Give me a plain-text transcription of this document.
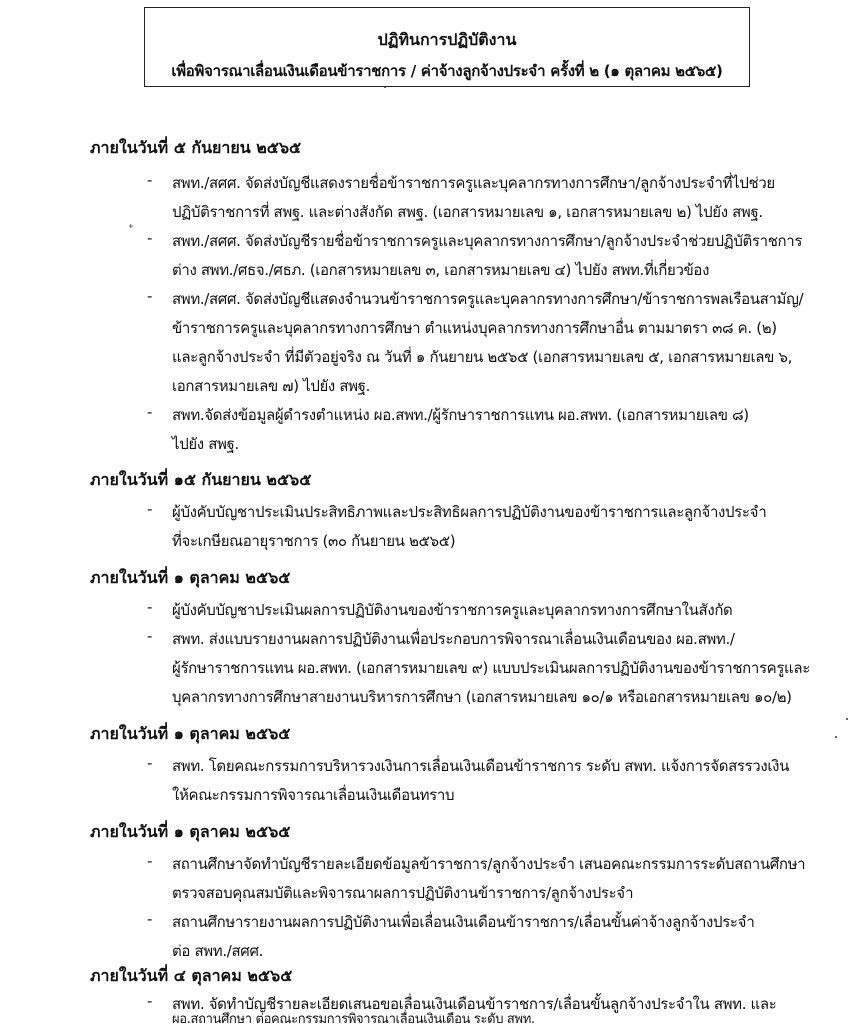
ปฏิทินการปฏิบัติงาน
เพื่อพิจารณาเลื่อนเงินเดือนข้าราชการ / ค่าจ้างลูกจ้างประจำ ครั้งที่ ๒ (๑ ตุลาคม ๒๕๖๕)
ᐩ
ภายในวันที่ ๕ กันยายน ๒๕๖๕
- สพท./สศศ. จัดส่งบัญชีแสดงรายชื่อข้าราชการครูและบุคลากรทางการศึกษา/ลูกจ้างประจำที่ไปช่วย
ปฏิบัติราชการที่ สพฐ. และต่างสังกัด สพฐ. (เอกสารหมายเลข ๑, เอกสารหมายเลข ๒) ไปยัง สพฐ.
- สพท./สศศ. จัดส่งบัญชีรายชื่อข้าราชการครูและบุคลากรทางการศึกษา/ลูกจ้างประจำช่วยปฏิบัติราชการ
ต่าง สพท./ศธจ./ศธภ. (เอกสารหมายเลข ๓, เอกสารหมายเลข ๔) ไปยัง สพท.ที่เกี่ยวข้อง
- สพท./สศศ. จัดส่งบัญชีแสดงจำนวนข้าราชการครูและบุคลากรทางการศึกษา/ข้าราชการพลเรือนสามัญ/
ข้าราชการครูและบุคลากรทางการศึกษา ตำแหน่งบุคลากรทางการศึกษาอื่น ตามมาตรา ๓๘ ค. (๒)
และลูกจ้างประจำ ที่มีตัวอยู่จริง ณ วันที่ ๑ กันยายน ๒๕๖๕ (เอกสารหมายเลข ๕, เอกสารหมายเลข ๖,
เอกสารหมายเลข ๗) ไปยัง สพฐ.
- สพท.จัดส่งข้อมูลผู้ดำรงตำแหน่ง ผอ.สพท./ผู้รักษาราชการแทน ผอ.สพท. (เอกสารหมายเลข ๘)
ไปยัง สพฐ.
ภายในวันที่ ๑๕ กันยายน ๒๕๖๕
- ผู้บังคับบัญชาประเมินประสิทธิภาพและประสิทธิผลการปฏิบัติงานของข้าราชการและลูกจ้างประจำ
ที่จะเกษียณอายุราชการ (๓๐ กันยายน ๒๕๖๕)
ภายในวันที่ ๑ ตุลาคม ๒๕๖๕
- ผู้บังคับบัญชาประเมินผลการปฏิบัติงานของข้าราชการครูและบุคลากรทางการศึกษาในสังกัด
- สพท. ส่งแบบรายงานผลการปฏิบัติงานเพื่อประกอบการพิจารณาเลื่อนเงินเดือนของ ผอ.สพท./
ผู้รักษาราชการแทน ผอ.สพท. (เอกสารหมายเลข ๙) แบบประเมินผลการปฏิบัติงานของข้าราชการครูและ
บุคลากรทางการศึกษาสายงานบริหารการศึกษา (เอกสารหมายเลข ๑๐/๑ หรือเอกสารหมายเลข ๑๐/๒)
ภายในวันที่ ๑ ตุลาคม ๒๕๖๕
- สพท. โดยคณะกรรมการบริหารวงเงินการเลื่อนเงินเดือนข้าราชการ ระดับ สพท. แจ้งการจัดสรรวงเงิน
ให้คณะกรรมการพิจารณาเลื่อนเงินเดือนทราบ
ภายในวันที่ ๑ ตุลาคม ๒๕๖๕
- สถานศึกษาจัดทำบัญชีรายละเอียดข้อมูลข้าราชการ/ลูกจ้างประจำ เสนอคณะกรรมการระดับสถานศึกษา
ตรวจสอบคุณสมบัติและพิจารณาผลการปฏิบัติงานข้าราชการ/ลูกจ้างประจำ
- สถานศึกษารายงานผลการปฏิบัติงานเพื่อเลื่อนเงินเดือนข้าราชการ/เลื่อนขั้นค่าจ้างลูกจ้างประจำ
ต่อ สพท./สศศ.
ภายในวันที่ ๔ ตุลาคม ๒๕๖๕
- สพท. จัดทำบัญชีรายละเอียดเสนอขอเลื่อนเงินเดือนข้าราชการ/เลื่อนขั้นลูกจ้างประจำใน สพท. และ
ผอ.สถานศึกษา ต่อคณะกรรมการพิจารณาเลื่อนเงินเดือน ระดับ สพท.
